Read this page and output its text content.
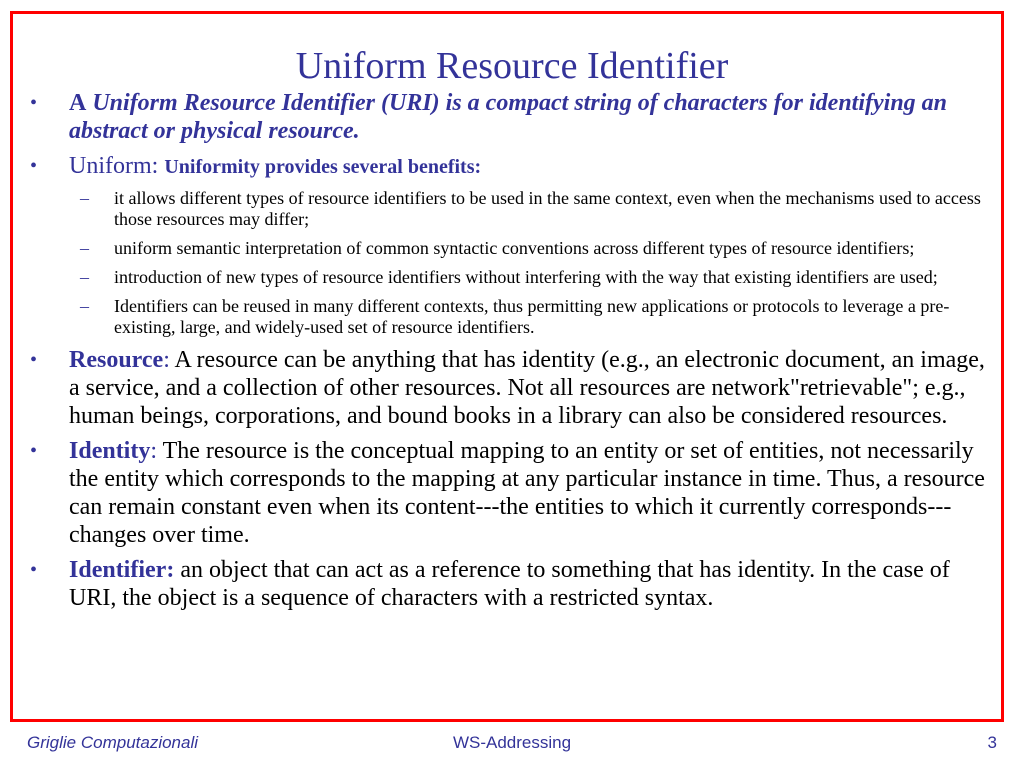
Uniform Resource Identifier
• A Uniform Resource Identifier (URI) is a compact string of characters for identifying an abstract or physical resource.
• Uniform: Uniformity provides several benefits:
– it allows different types of resource identifiers to be used in the same context, even when the mechanisms used to access those resources may differ;
– uniform semantic interpretation of common syntactic conventions across different types of resource identifiers;
– introduction of new types of resource identifiers without interfering with the way that existing identifiers are used;
– Identifiers can be reused in many different contexts, thus permitting new applications or protocols to leverage a pre-existing, large, and widely-used set of resource identifiers.
• Resource: A resource can be anything that has identity (e.g., an electronic document, an image, a service, and a collection of other resources. Not all resources are network"retrievable"; e.g., human beings, corporations, and bound books in a library can also be considered resources.
• Identity: The resource is the conceptual mapping to an entity or set of entities, not necessarily the entity which corresponds to the mapping at any particular instance in time. Thus, a resource can remain constant even when its content---the entities to which it currently corresponds---changes over time.
• Identifier: an object that can act as a reference to something that has identity. In the case of URI, the object is a sequence of characters with a restricted syntax.
Griglie Computazionali	WS-Addressing	3
